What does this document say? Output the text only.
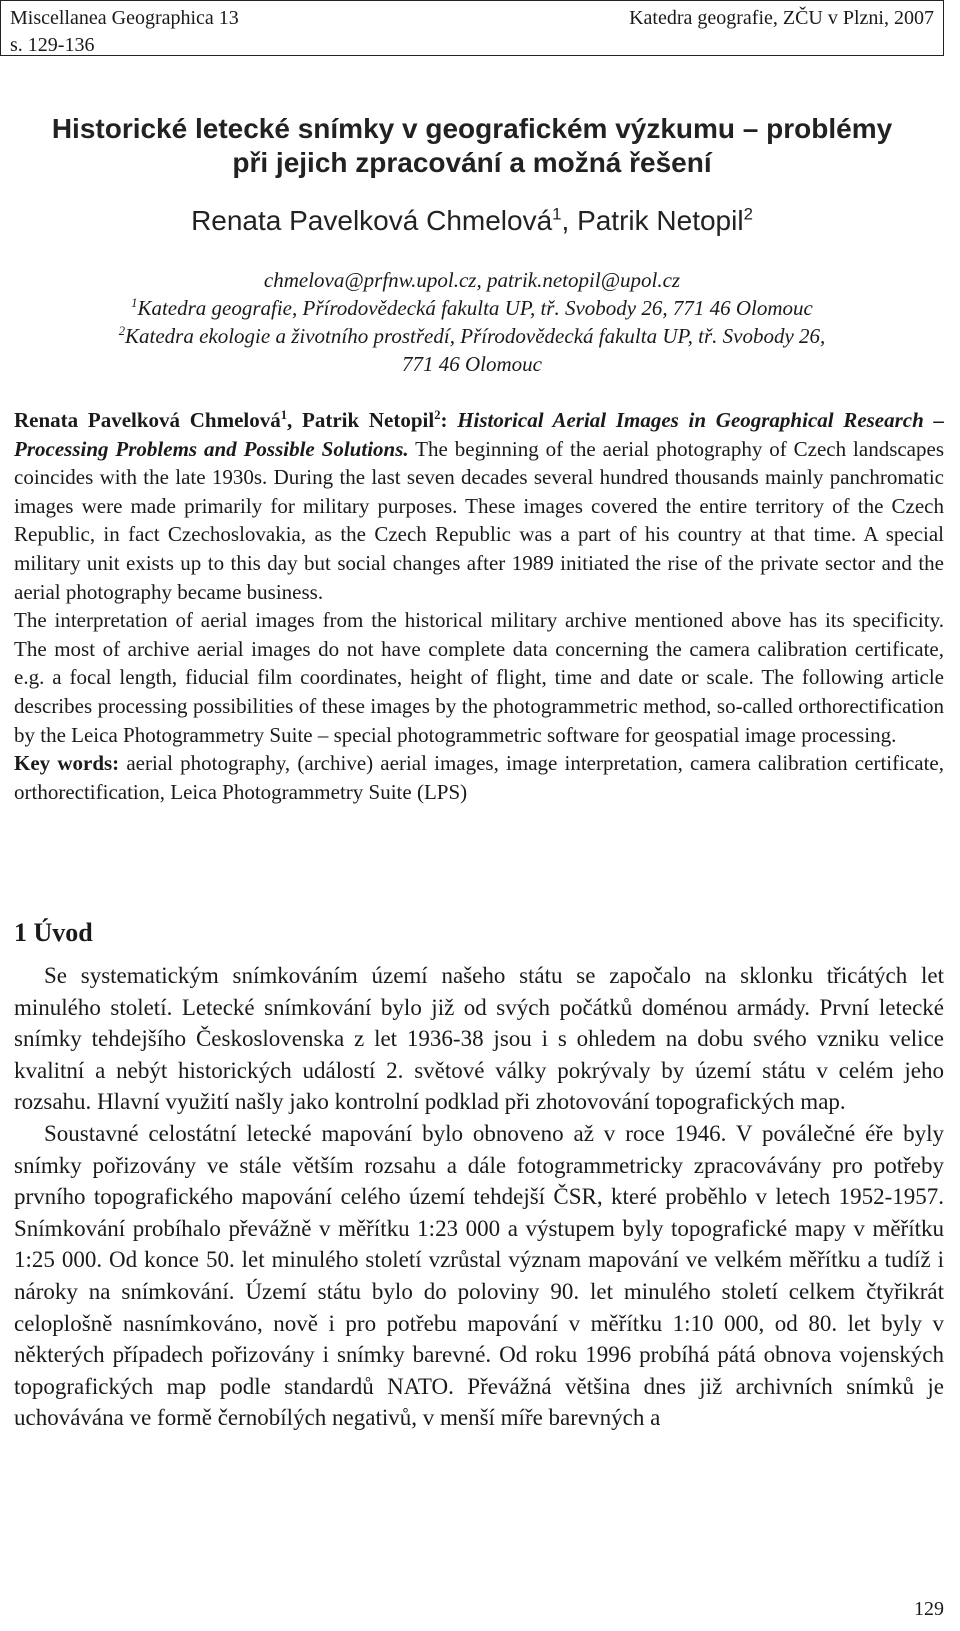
Miscellanea Geographica 13
s. 129-136
Katedra geografie, ZČU v Plzni, 2007
Historické letecké snímky v geografickém výzkumu – problémy
při jejich zpracování a možná řešení
Renata Pavelková Chmelová$^1$, Patrik Netopil$^2$
chmelova@prfnw.upol.cz, patrik.netopil@upol.cz
$^1$Katedra geografie, Přírodovědecká fakulta UP, tř. Svobody 26, 771 46 Olomouc
$^2$Katedra ekologie a životního prostředí, Přírodovědecká fakulta UP, tř. Svobody 26,
771 46 Olomouc

Renata Pavelková Chmelová$^1$, Patrik Netopil$^2$: Historical Aerial Images in Geographical Research – Processing Problems and Possible Solutions. The beginning of the aerial photography of Czech landscapes coincides with the late 1930s. During the last seven decades several hundred thousands mainly panchromatic images were made primarily for military purposes. These images covered the entire territory of the Czech Republic, in fact Czechoslovakia, as the Czech Republic was a part of his country at that time. A special military unit exists up to this day but social changes after 1989 initiated the rise of the private sector and the aerial photography became business.

The interpretation of aerial images from the historical military archive mentioned above has its specificity. The most of archive aerial images do not have complete data concerning the camera calibration certificate, e.g. a focal length, fiducial film coordinates, height of flight, time and date or scale. The following article describes processing possibilities of these images by the photogrammetric method, so-called orthorectification by the Leica Photogrammetry Suite – special photogrammetric software for geospatial image processing.

Key words: aerial photography, (archive) aerial images, image interpretation, camera calibration certificate, orthorectification, Leica Photogrammetry Suite (LPS)

1 Úvod

Se systematickým snímkováním území našeho státu se započalo na sklonku třicátých let minulého století. Letecké snímkování bylo již od svých počátků doménou armády. První letecké snímky tehdejšího Československa z let 1936-38 jsou i s ohledem na dobu svého vzniku velice kvalitní a nebýt historických událostí 2. světové války pokrývaly by území státu v celém jeho rozsahu. Hlavní využití našly jako kontrolní podklad při zhotovování topografických map.

Soustavné celostátní letecké mapování bylo obnoveno až v roce 1946. V poválečné éře byly snímky pořizovány ve stále větším rozsahu a dále fotogrammetricky zpracovávány pro potřeby prvního topografického mapování celého území tehdejší ČSR, které proběhlo v letech 1952-1957. Snímkování probíhalo převážně v měřítku 1:23 000 a výstupem byly topografické mapy v měřítku 1:25 000. Od konce 50. let minulého století vzrůstal význam mapování ve velkém měřítku a tudíž i nároky na snímkování. Území státu bylo do poloviny 90. let minulého století celkem čtyřikrát celoplošně nasnímkováno, nově i pro potřebu mapování v měřítku 1:10 000, od 80. let byly v některých případech pořizovány i snímky barevné. Od roku 1996 probíhá pátá obnova vojenských topografických map podle standardů NATO. Převážná většina dnes již archivních snímků je uchovávána ve formě černobílých negativů, v menší míře barevných a

129
